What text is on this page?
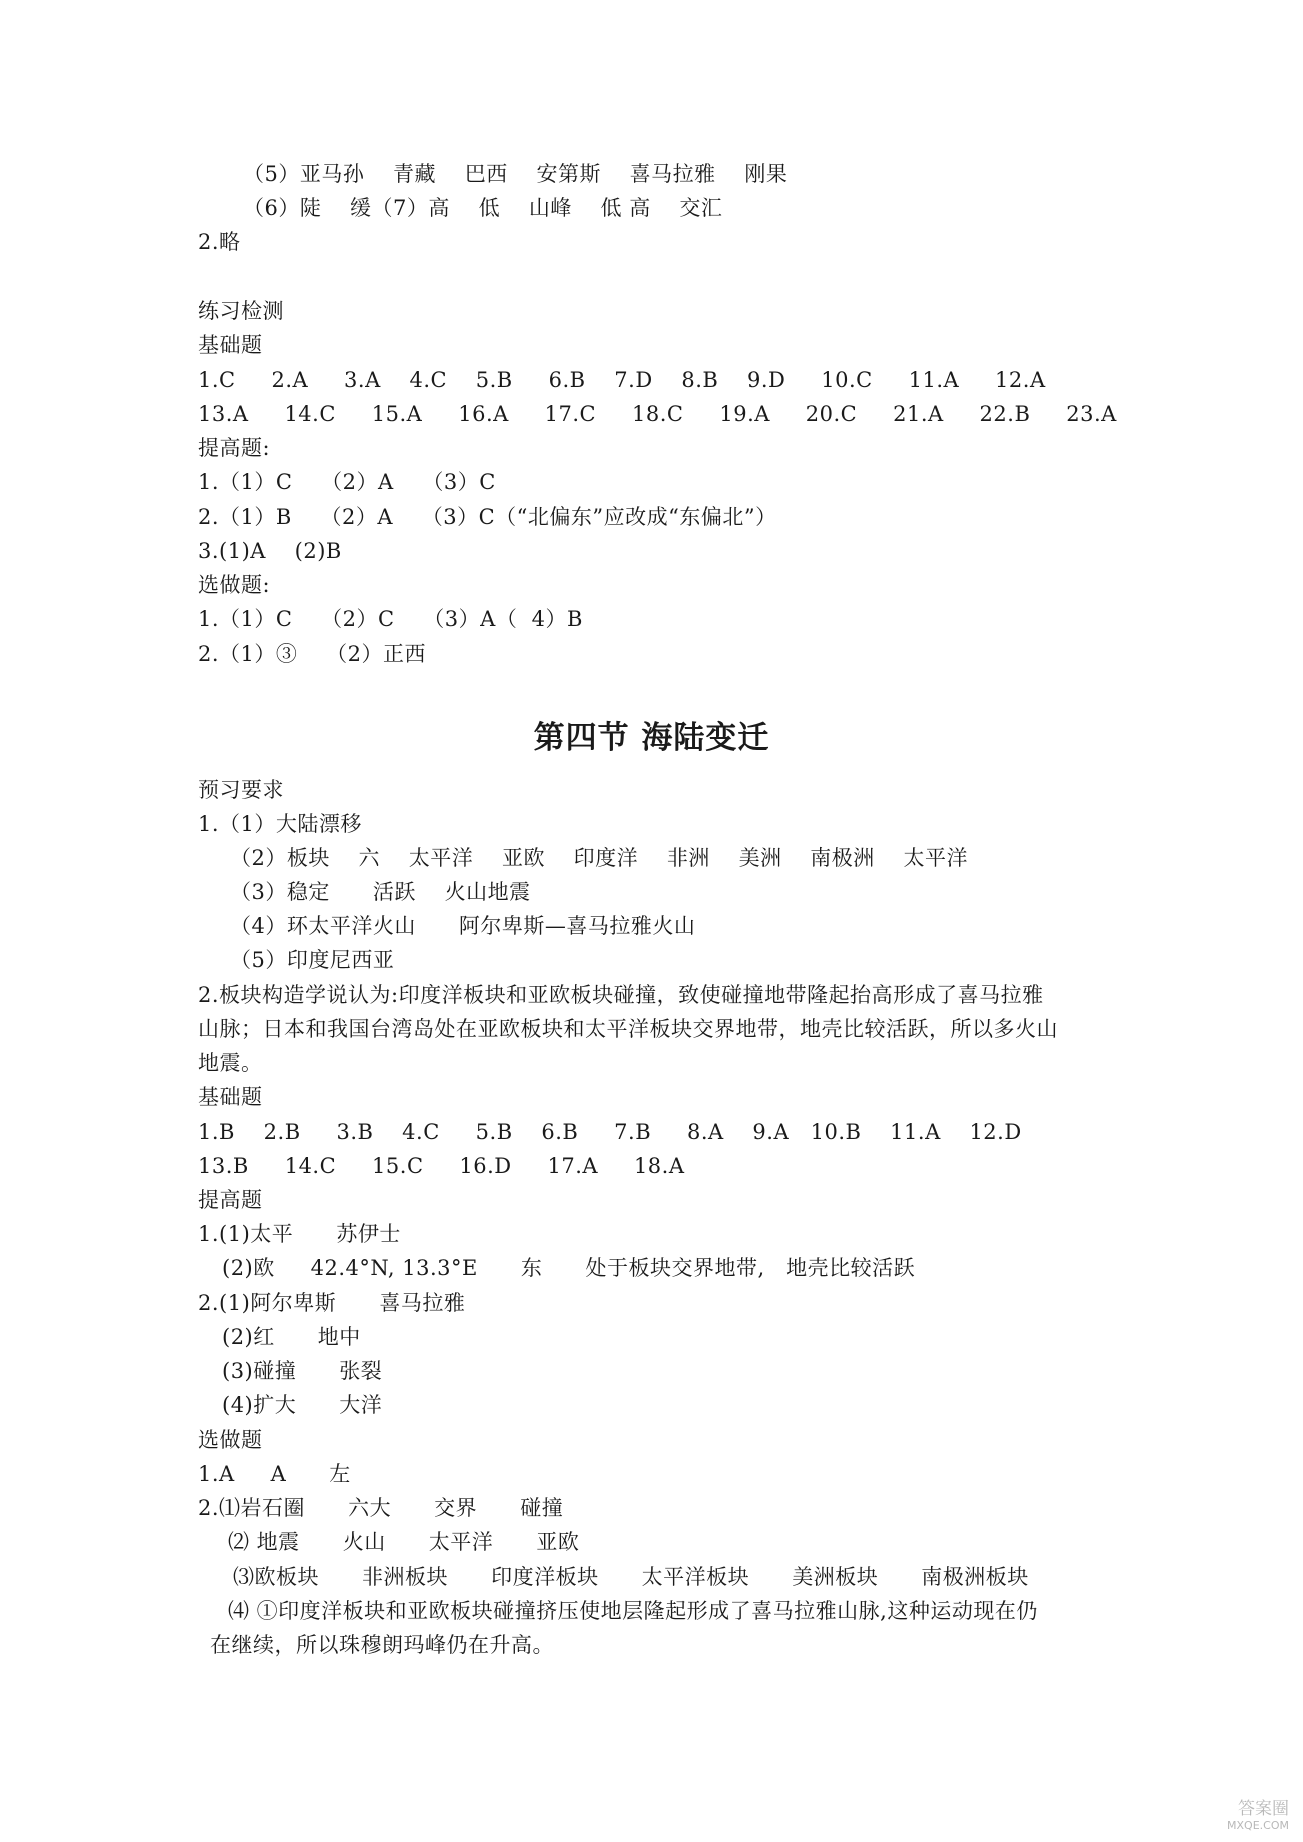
（5）亚马孙    青藏    巴西    安第斯    喜马拉雅    刚果
（6）陡    缓（7）高    低    山峰    低 高    交汇
2.略
练习检测
基础题
1.C     2.A     3.A    4.C    5.B     6.B    7.D    8.B    9.D     10.C     11.A     12.A
13.A     14.C     15.A     16.A     17.C     18.C     19.A     20.C     21.A     22.B     23.A
提高题:
1.（1）C    （2）A    （3）C
2.（1）B    （2）A    （3）C（“北偏东”应改成“东偏北”）
3.(1)A    (2)B
选做题:
1.（1）C    （2）C    （3）A（  4）B
2.（1）③    （2）正西
第四节 海陆变迁
预习要求
1.（1）大陆漂移
（2）板块    六    太平洋    亚欧    印度洋    非洲    美洲    南极洲    太平洋
（3）稳定      活跃    火山地震
（4）环太平洋火山      阿尔卑斯—喜马拉雅火山
（5）印度尼西亚
2.板块构造学说认为:印度洋板块和亚欧板块碰撞，致使碰撞地带隆起抬高形成了喜马拉雅
山脉；日本和我国台湾岛处在亚欧板块和太平洋板块交界地带，地壳比较活跃，所以多火山
地震。
基础题
1.B    2.B     3.B    4.C     5.B    6.B     7.B     8.A    9.A   10.B    11.A    12.D
13.B     14.C     15.C     16.D     17.A     18.A
提高题
1.(1)太平      苏伊士
(2)欧     42.4°N, 13.3°E      东      处于板块交界地带,   地壳比较活跃
2.(1)阿尔卑斯      喜马拉雅
(2)红      地中
(3)碰撞      张裂
(4)扩大      大洋
选做题
1.A     A      左
2.⑴岩石圈      六大      交界      碰撞
⑵ 地震      火山      太平洋      亚欧
⑶欧板块      非洲板块      印度洋板块      太平洋板块      美洲板块      南极洲板块
⑷ ①印度洋板块和亚欧板块碰撞挤压使地层隆起形成了喜马拉雅山脉,这种运动现在仍
在继续，所以珠穆朗玛峰仍在升高。
答案圈
MXQE.COM
